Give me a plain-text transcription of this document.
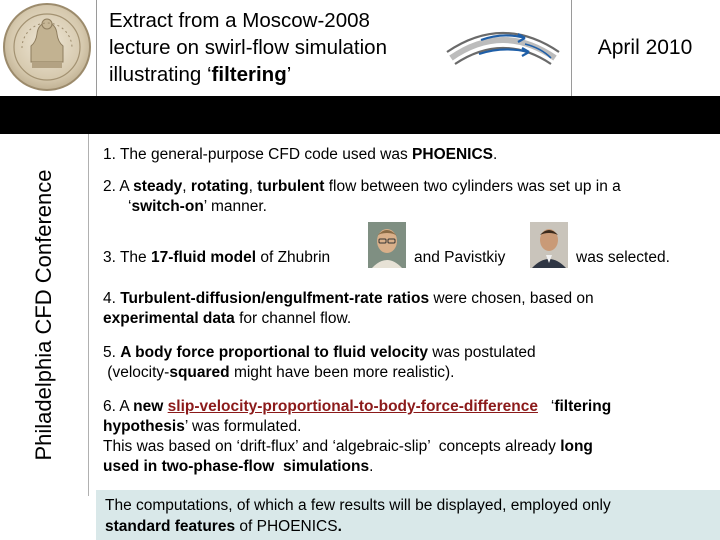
Extract from a Moscow-2008
lecture on swirl-flow simulation
illustrating ‘filtering’
April 2010
Philadelphia CFD Conference
1. The general-purpose CFD code used was PHOENICS.
2. A steady, rotating, turbulent flow between two cylinders was set up in a
‘switch-on’ manner.
3. The 17-fluid model of Zhubrin	and Pavistkiy	was selected.
4. Turbulent-diffusion/engulfment-rate ratios were chosen, based on
experimental data for channel flow.
5. A body force proportional to fluid velocity was postulated
(velocity-squared might have been more realistic).
6. A new slip-velocity-proportional-to-body-force-difference   ‘filtering
hypothesis’ was formulated.
This was based on ‘drift-flux’ and ‘algebraic-slip’  concepts already long
used in two-phase-flow  simulations.
The computations, of which a few results will be displayed, employed only
standard features of PHOENICS.
